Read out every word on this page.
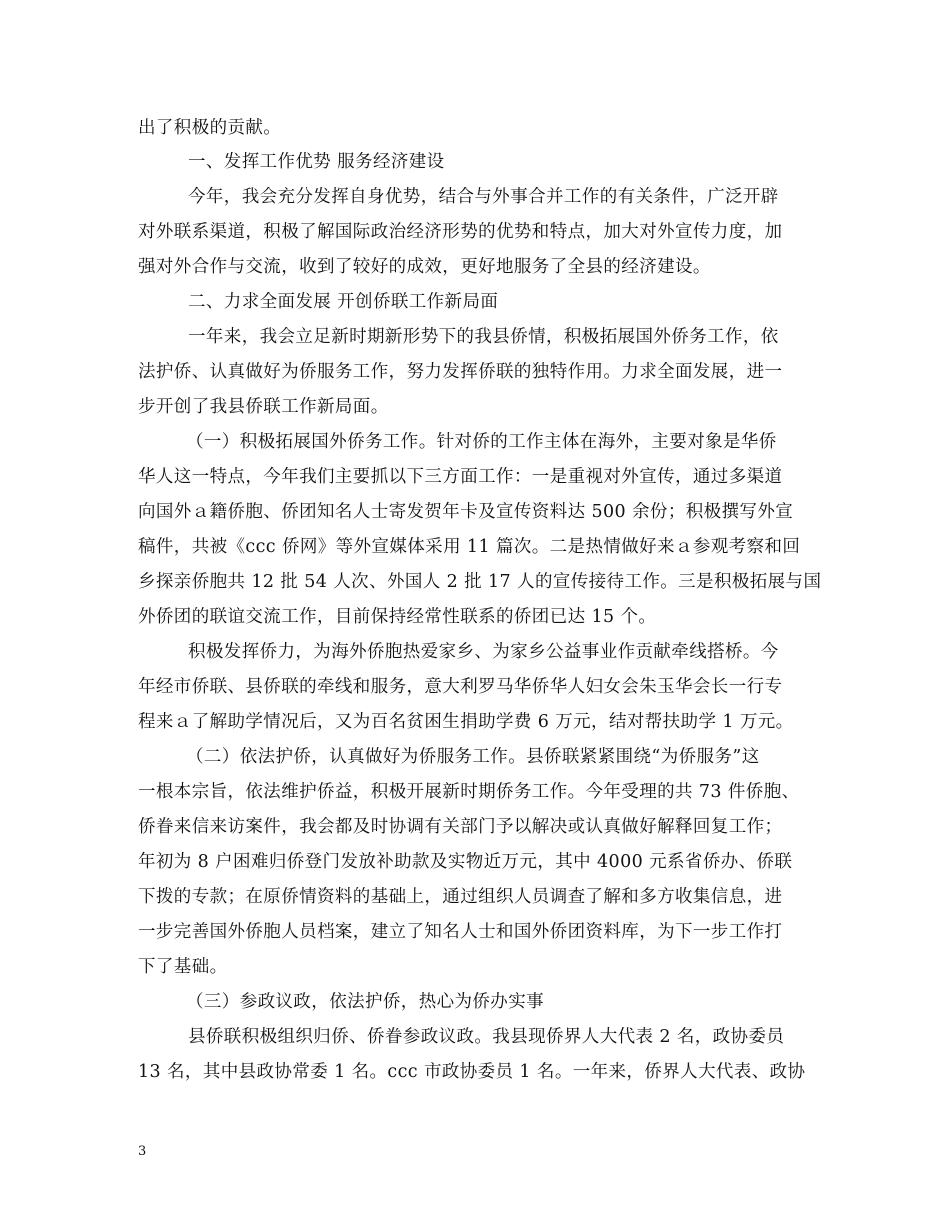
出了积极的贡献。
一、发挥工作优势 服务经济建设
今年，我会充分发挥自身优势，结合与外事合并工作的有关条件，广泛开辟
对外联系渠道，积极了解国际政治经济形势的优势和特点，加大对外宣传力度，加
强对外合作与交流，收到了较好的成效，更好地服务了全县的经济建设。
二、力求全面发展 开创侨联工作新局面
一年来，我会立足新时期新形势下的我县侨情，积极拓展国外侨务工作，依
法护侨、认真做好为侨服务工作，努力发挥侨联的独特作用。力求全面发展，进一
步开创了我县侨联工作新局面。
（一）积极拓展国外侨务工作。针对侨的工作主体在海外，主要对象是华侨
华人这一特点，今年我们主要抓以下三方面工作：一是重视对外宣传，通过多渠道
向国外ａ籍侨胞、侨团知名人士寄发贺年卡及宣传资料达 500 余份；积极撰写外宣
稿件，共被《ccc 侨网》等外宣媒体采用 11 篇次。二是热情做好来ａ参观考察和回
乡探亲侨胞共 12 批 54 人次、外国人 2 批 17 人的宣传接待工作。三是积极拓展与国
外侨团的联谊交流工作，目前保持经常性联系的侨团已达 15 个。
积极发挥侨力，为海外侨胞热爱家乡、为家乡公益事业作贡献牵线搭桥。今
年经市侨联、县侨联的牵线和服务，意大利罗马华侨华人妇女会朱玉华会长一行专
程来ａ了解助学情况后，又为百名贫困生捐助学费 6 万元，结对帮扶助学 1 万元。
（二）依法护侨，认真做好为侨服务工作。县侨联紧紧围绕“为侨服务”这
一根本宗旨，依法维护侨益，积极开展新时期侨务工作。今年受理的共 73 件侨胞、
侨眷来信来访案件，我会都及时协调有关部门予以解决或认真做好解释回复工作；
年初为 8 户困难归侨登门发放补助款及实物近万元，其中 4000 元系省侨办、侨联
下拨的专款；在原侨情资料的基础上，通过组织人员调查了解和多方收集信息，进
一步完善国外侨胞人员档案，建立了知名人士和国外侨团资料库，为下一步工作打
下了基础。
（三）参政议政，依法护侨，热心为侨办实事
县侨联积极组织归侨、侨眷参政议政。我县现侨界人大代表 2 名，政协委员
13 名，其中县政协常委 1 名。ccc 市政协委员 1 名。一年来，侨界人大代表、政协
3
